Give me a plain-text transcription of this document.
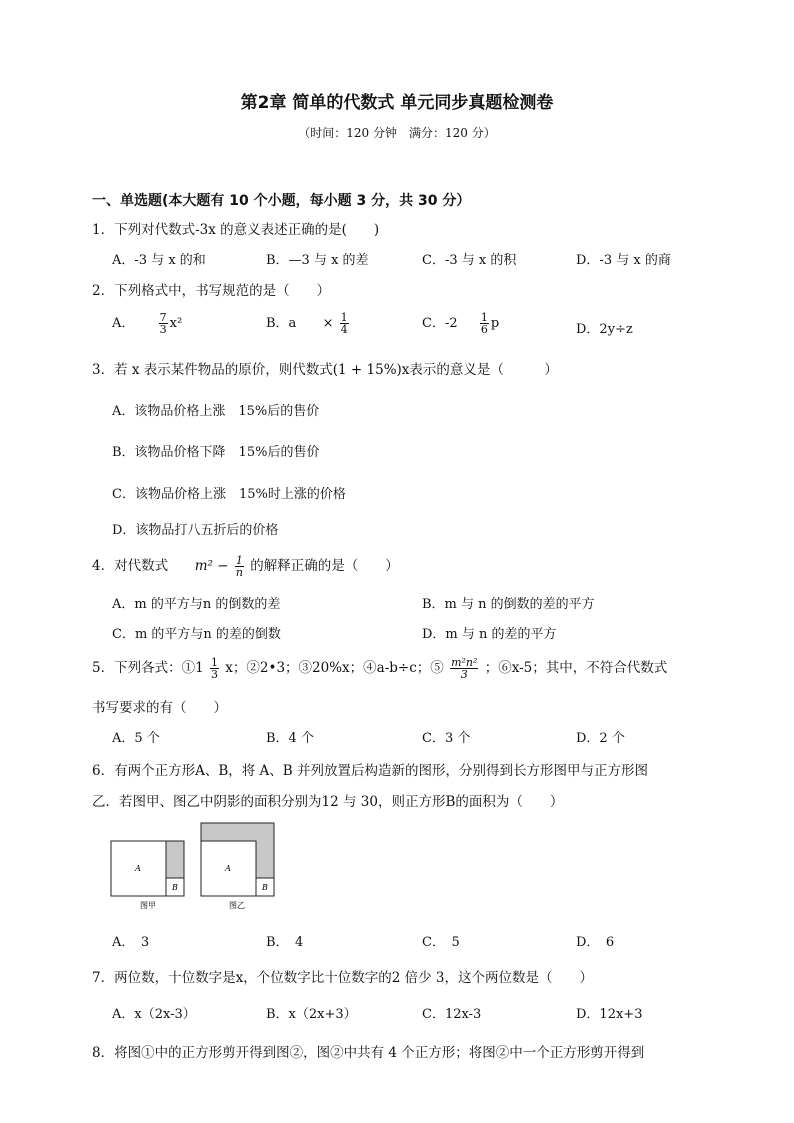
第2章 简单的代数式 单元同步真题检测卷
（时间：120 分钟　满分：120 分）
一、单选题(本大题有 10 个小题，每小题 3 分，共 30 分）
1．下列对代数式-3x 的意义表述正确的是(　　)
A．-3 与 x 的和	B．—3 与 x 的差	C．-3 与 x 的积	D．-3 与 x 的商
2．下列格式中，书写规范的是（　　）
A． $\frac{7}{3} x^2$	B．$a \times \frac{1}{4}$	C．$-2 \frac{1}{6}$ p	D．2y÷z
3．若 x 表示某件物品的原价，则代数式(1 + 15%)x表示的意义是（　　　）
A．该物品价格上涨　15%后的售价
B．该物品价格下降　15%后的售价
C．该物品价格上涨　15%时上涨的价格
D．该物品打八五折后的价格
4．对代数式 $m^2 - \frac{1}{n}$ 的解释正确的是（　　）
A．m 的平方与n 的倒数的差	B．m 与 n 的倒数的差的平方
C．m 的平方与n 的差的倒数	D．m 与 n 的差的平方
5．下列各式：①1 $\frac{1}{3}$ x；②2•3；③20%x；④a-b÷c；⑤ $\frac{\text{m²n²}}{3}$ ；⑥x-5；其中，不符合代数式
书写要求的有（　　）
A．5 个	B．4 个	C．3 个	D．2 个
6．有两个正方形A、B，将 A、B 并列放置后构造新的图形，分别得到长方形图甲与正方形图
乙．若图甲、图乙中阴影的面积分别为12 与 30，则正方形B的面积为（　　）
A
B
图甲
A
B
图乙
A．　3	B．　4	C．　5	D．　6
7．两位数，十位数字是x，个位数字比十位数字的2 倍少 3，这个两位数是（　　）
A．x（2x-3）	B．x（2x+3）	C．12x-3	D．12x+3
8．将图①中的正方形剪开得到图②，图②中共有 4 个正方形；将图②中一个正方形剪开得到
